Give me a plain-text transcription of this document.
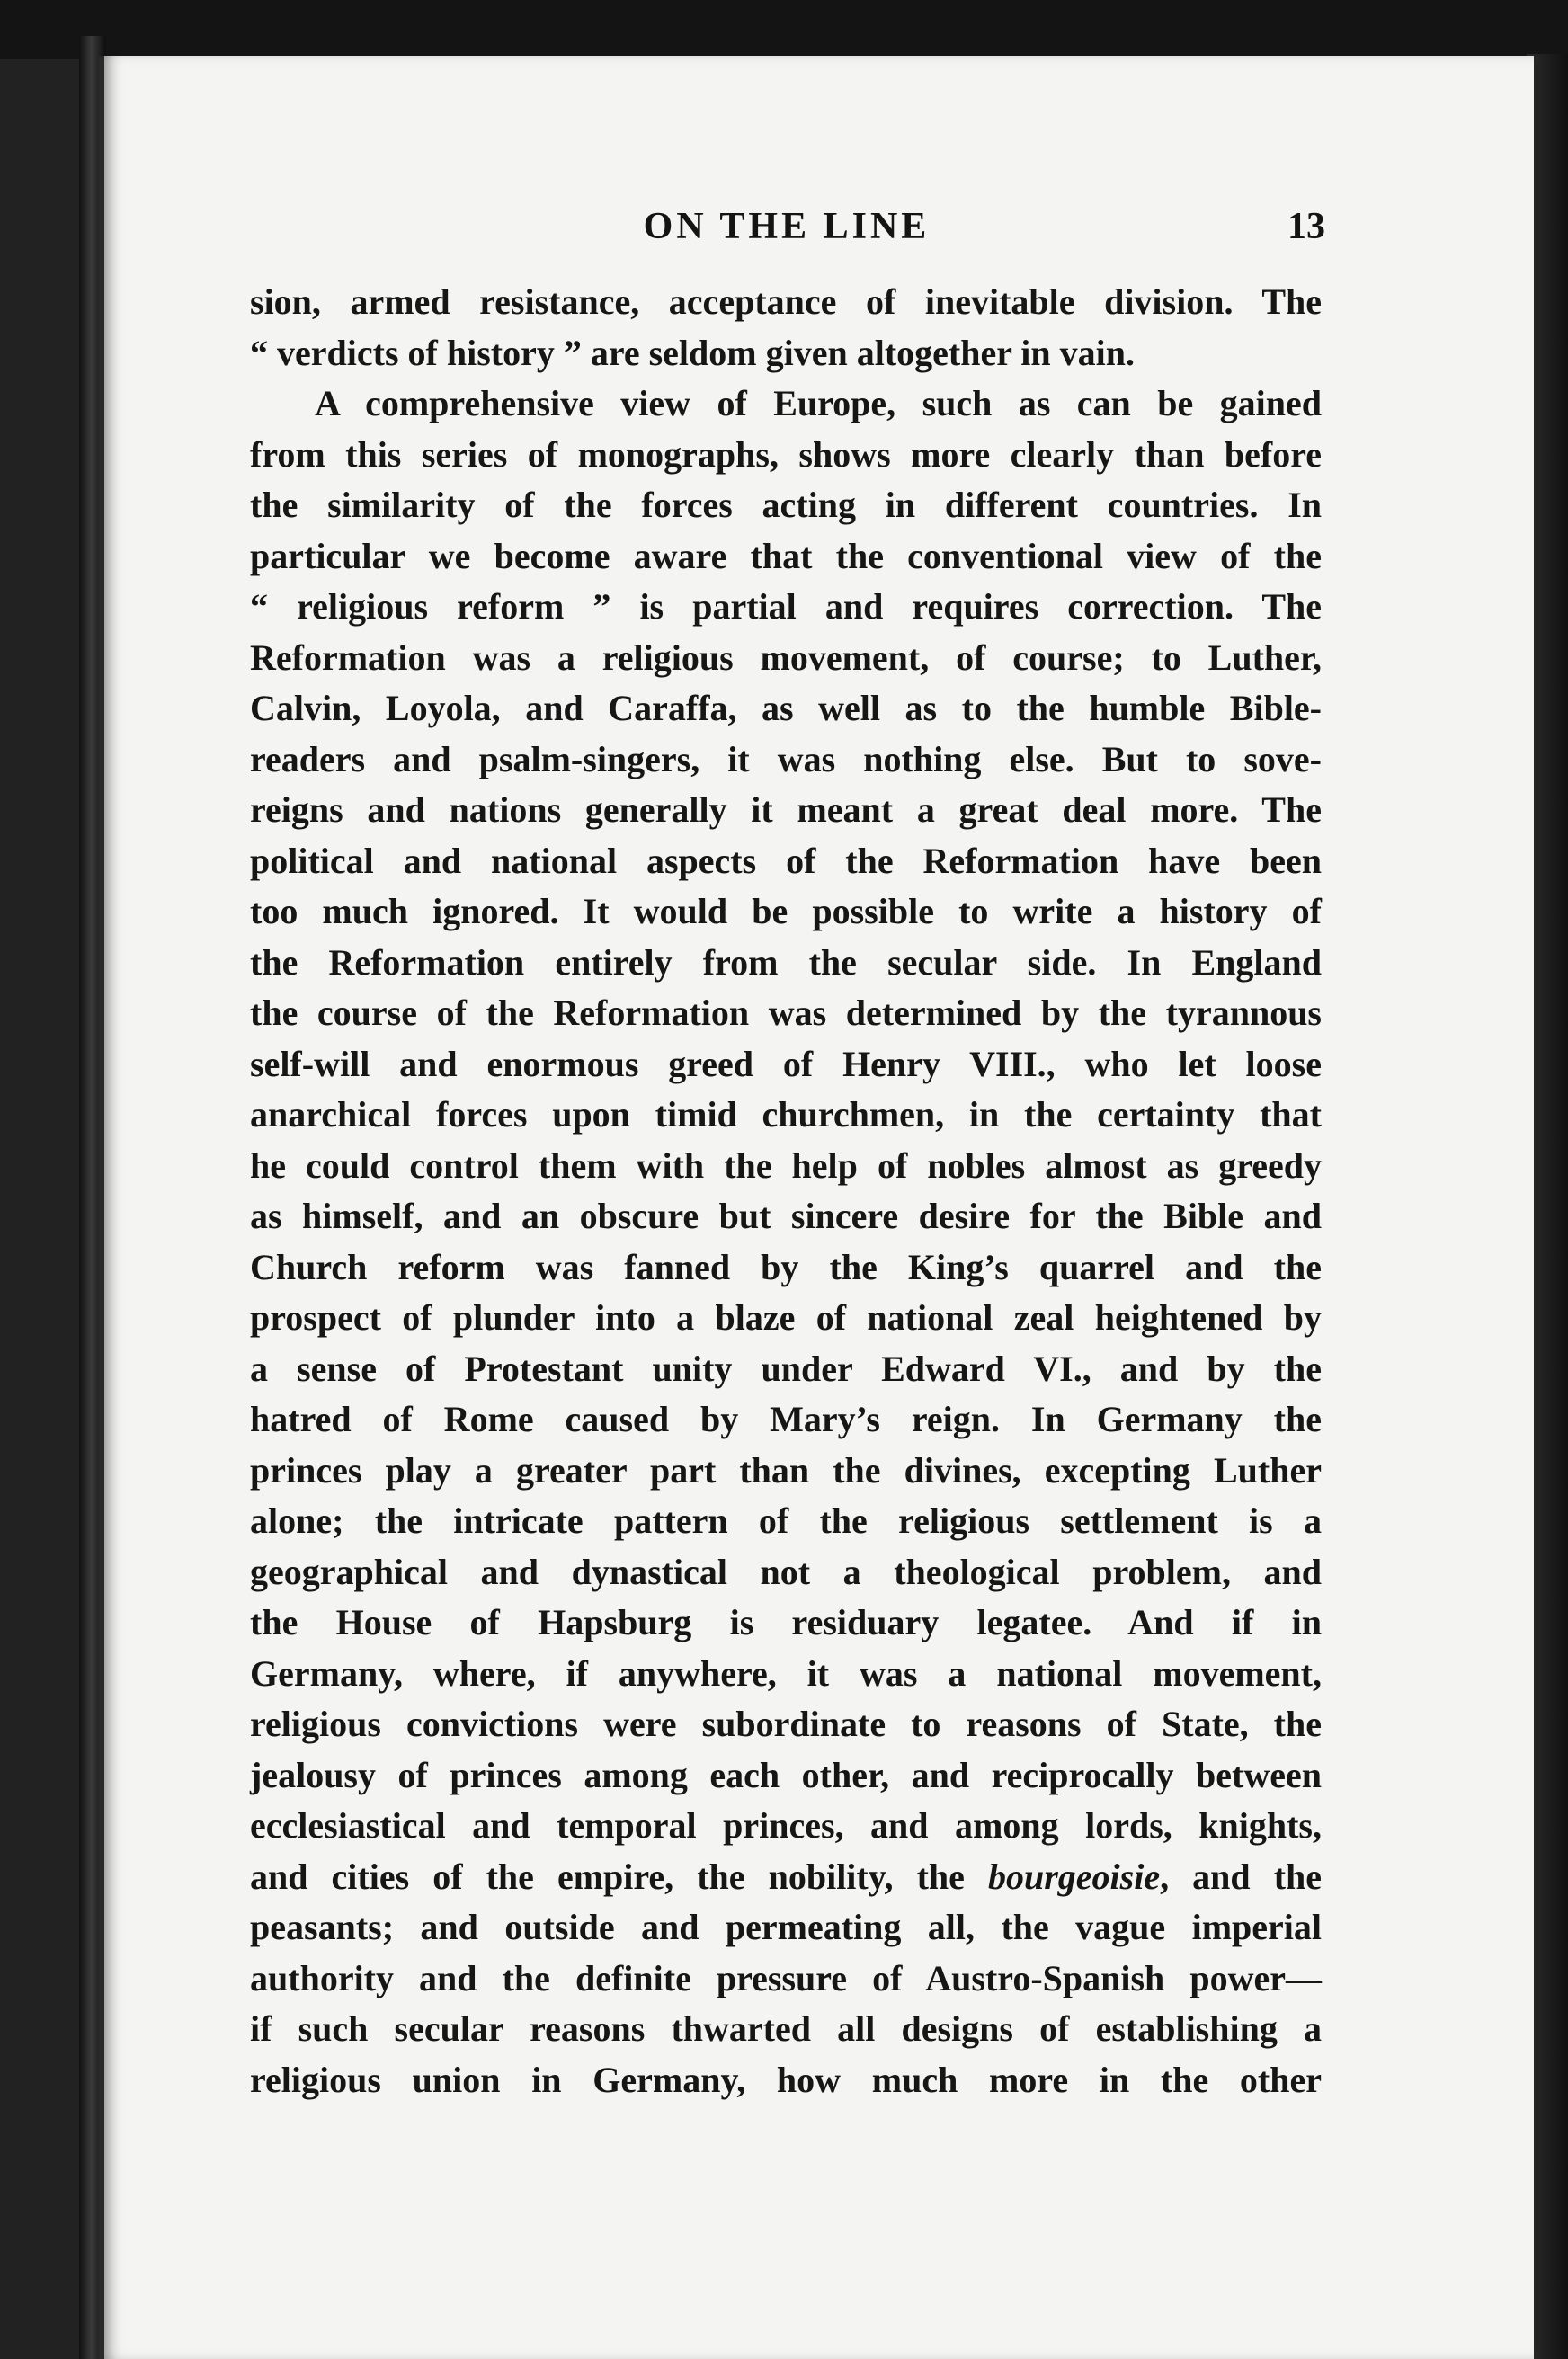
ON THE LINE	13
sion, armed resistance, acceptance of inevitable division. The
“ verdicts of history ” are seldom given altogether in vain.
A comprehensive view of Europe, such as can be gained
from this series of monographs, shows more clearly than before
the similarity of the forces acting in different countries. In
particular we become aware that the conventional view of the
“ religious reform ” is partial and requires correction. The
Reformation was a religious movement, of course; to Luther,
Calvin, Loyola, and Caraffa, as well as to the humble Bible-
readers and psalm-singers, it was nothing else. But to sove-
reigns and nations generally it meant a great deal more. The
political and national aspects of the Reformation have been
too much ignored. It would be possible to write a history of
the Reformation entirely from the secular side. In England
the course of the Reformation was determined by the tyrannous
self-will and enormous greed of Henry VIII., who let loose
anarchical forces upon timid churchmen, in the certainty that
he could control them with the help of nobles almost as greedy
as himself, and an obscure but sincere desire for the Bible and
Church reform was fanned by the King’s quarrel and the
prospect of plunder into a blaze of national zeal heightened by
a sense of Protestant unity under Edward VI., and by the
hatred of Rome caused by Mary’s reign. In Germany the
princes play a greater part than the divines, excepting Luther
alone; the intricate pattern of the religious settlement is a
geographical and dynastical not a theological problem, and
the House of Hapsburg is residuary legatee. And if in
Germany, where, if anywhere, it was a national movement,
religious convictions were subordinate to reasons of State, the
jealousy of princes among each other, and reciprocally between
ecclesiastical and temporal princes, and among lords, knights,
and cities of the empire, the nobility, the bourgeoisie, and the
peasants; and outside and permeating all, the vague imperial
authority and the definite pressure of Austro-Spanish power—
if such secular reasons thwarted all designs of establishing a
religious union in Germany, how much more in the other
